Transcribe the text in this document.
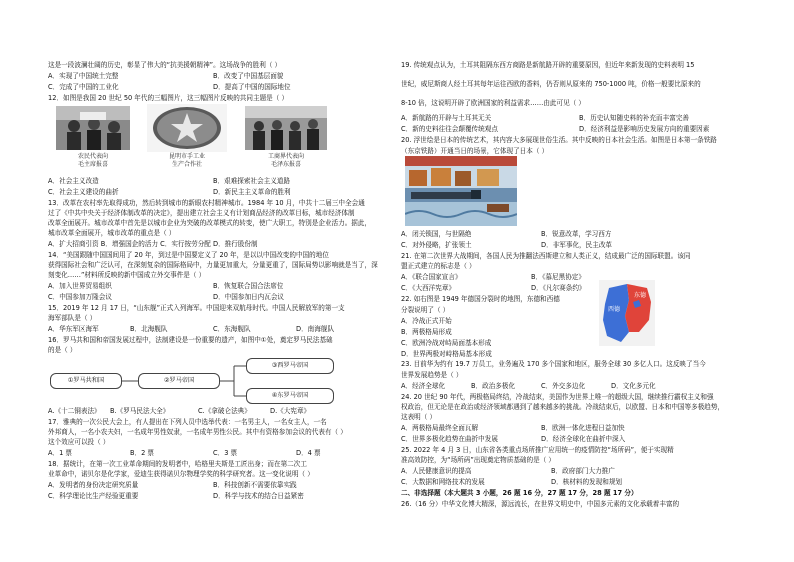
这是一段波澜壮阔的历史，彰显了伟大的“抗美援朝精神”。这场战争的胜利（ ）
A．实现了中国统土完整	B．改变了中国基层面貌
C．完成了中国的工业化	D．提高了中国的国际地位
12．如图是我国 20 世纪 50 年代的三幅图片，这三幅图片反映的共同主题是（ ）
农民代表向
毛主席报喜
昆明市手工业
生产合作社
工商界代表向
毛泽东报喜
A．社会主义改造	B．艰难探索社会主义道路
C．社会主义建设的曲折	D．新民主主义革命的胜利
13．改革在农村率先取得成功，然后转到城市的新眼农村精神城市。1984 年 10 月，中共十二届三中全会通
过了《中共中央关于经济体制改革的决定》，提出建立社会主义有计划商品经济的改革目标，城市经济体制
改革全面展开。城市改革中首先是以城市企业为突破的改革模式的转变，使广大职工，特别是企业活力。据此，
城市改革全面展开，城市改革的重点是（ ）
A．扩大招商引资 B．增强国企的活力 C．实行按劳分配 D．推行股份制
14．“美国跟随中国国间用了 20 年，到过是中国要定义了 20 年，是以以中国改变的中国的地位
获得国际社会和广泛认可，在深刻复杂的国际格局中，力量更加重大，分量更重了，国际局势以影响就是当了，深
刻变化……”材料所反映的新中国成立外交事件是（ ）
A．加入世界贸易组织	B．恢复联合国合法席位
C．中国参加万隆会议	D．中国参加日内瓦会议
15．2019 年 12 月 17 日，“山东舰”正式入列海军。中国迎来双航母时代。中国人民解放军的第一支
海军部队是（ ）
A．华东军区海军	B．北海舰队	C．东海舰队	D．南海舰队
16．罗马共和国和帝国发展过程中，法制建设是一份重要的遗产，如图中①处，奠定罗马民法基础
的是（ ）
①罗马共和国	②罗马帝国
③西罗马帝国
④东罗马帝国
A.《十二铜表法》 B.《罗马民法大全》	C.《拿破仑法典》	D.《大宪章》
17．雅典的一次公民大会上，有人提出在下列人员中选举代表：一名男主人，一名女主人，一名
外邦商人，一名小农夫妇，一名成年男性奴隶，一名成年男性公民。其中有资格参加会议的代表有（ ）
这个效应可以投（ ）
A．1 票	B．2 票	C．3 票	D．4 票
18．据统计，在第一次工业革命期间的发明者中，哈格里夫斯是工匠出身；而在第二次工
业革命中，诺贝尔是化学家，爱迪生获得诺贝尔物理学奖的科学研究者。这一变化说明（ ）
A．发明者的身份决定研究质量	B．科技创新不需要依靠实践
C．科学理论比生产经验更重要	D．科学与技术的结合日益紧密
19. 传统观点认为，土耳其阻隔东西方商路是新航路开辟的重要原因，但近年来新发现的史料表明 15
世纪，威尼斯商人经土耳其每年运往西欧的香料，仍否则从原来的 750-1000 吨，价格一般要比原来的
8-10 倍，这说明开辟了欧洲国家的利益需求……由此可见（ ）
A．新航路的开辟与土耳其无关	B．历史认知随史料的补充而丰富完善
C．新的史料往往会颠覆传统观点	D．经济利益是影响历史发展方向的重要因素
20. 浮世绘是日本的传统艺术，其内容大多展现世俗生活。其中反映的日本社会生活。如图是日本第一条铁路
（东京铁路）开通当日的场景，它体现了日本（ ）
A．闭关锁国，与世隔绝	B．锐意改革，学习西方
C．对外侵略，扩张领土	D．非军事化，民主改革
21. 在第二次世界大战期间，各国人民为推翻法西斯建立和人类正义，结成最广泛的国际联盟。该同
盟正式建立的标志是（ ）
A．《联合国家宣言》	B．《慕尼黑协定》
C．《大西洋宪章》	D．《凡尔赛条约》
22. 如右图是 1949 年德国分裂时的地图，东德和西德
分裂说明了（ ）	西德
东德
A．冷战正式开始
B．两极格局形成
C．欧洲冷战对峙局面基本形成
D．世界两极对峙格局基本形成
23. 目前华为约有 19.7 万员工，业务遍及 170 多个国家和地区，服务全球 30 多亿人口。这反映了当今
世界发展趋势是（ ）
A．经济全球化	B．政治多极化	C．外交多边化	D．文化多元化
24. 20 世纪 90 年代，两极格局终结，冷战结束，美国作为世界上唯一的超级大国，继续推行霸权主义和强
权政治，但无论是在政治或经济领域都遇到了越来越多的挑战。冷战结束后，以欧盟、日本和中国等多极趋势，
这表明（ ）
A．两极格局最终全面瓦解	B．欧洲一体化进程日益加快
C．世界多极化趋势在曲折中发展	D．经济全球化在曲折中深入
25. 2022 年 4 月 3 日，山东省各类重点场所推广应用统一的疫情防控“场所码”，便于实现精
准高效防控，为“场所码”出现奠定物质基础的是（ ）
A．人民健康意识的提高	B．政府部门大力推广
C．大数据和网络技术的发展	D．核材料的发现和规划
二、非选择题（本大题共 3 小题，26 题 16 分，27 题 17 分，28 题 17 分）
26.（16 分）中华文化博大精深，源远流长，在世界文明史中，中国多元素的文化承载着丰富的
